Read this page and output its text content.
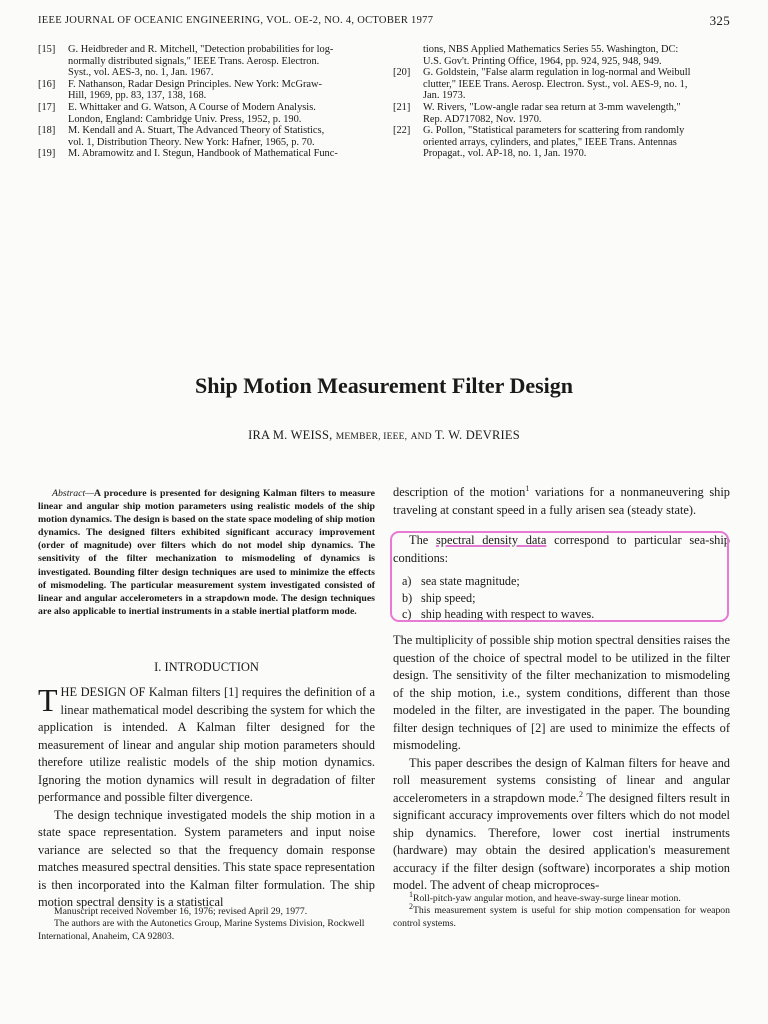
IEEE JOURNAL OF OCEANIC ENGINEERING, VOL. OE-2, NO. 4, OCTOBER 1977	325
[15] G. Heidbreder and R. Mitchell, "Detection probabilities for log-
normally distributed signals," IEEE Trans. Aerosp. Electron.
Syst., vol. AES-3, no. 1, Jan. 1967.
[16] F. Nathanson, Radar Design Principles. New York: McGraw-
Hill, 1969, pp. 83, 137, 138, 168.
[17] E. Whittaker and G. Watson, A Course of Modern Analysis.
London, England: Cambridge Univ. Press, 1952, p. 190.
[18] M. Kendall and A. Stuart, The Advanced Theory of Statistics,
vol. 1, Distribution Theory. New York: Hafner, 1965, p. 70.
[19] M. Abramowitz and I. Stegun, Handbook of Mathematical Func-
tions, NBS Applied Mathematics Series 55. Washington, DC:
U.S. Gov't. Printing Office, 1964, pp. 924, 925, 948, 949.
[20] G. Goldstein, "False alarm regulation in log-normal and Weibull
clutter," IEEE Trans. Aerosp. Electron. Syst., vol. AES-9, no. 1,
Jan. 1973.
[21] W. Rivers, "Low-angle radar sea return at 3-mm wavelength,"
Rep. AD717082, Nov. 1970.
[22] G. Pollon, "Statistical parameters for scattering from randomly
oriented arrays, cylinders, and plates," IEEE Trans. Antennas
Propagat., vol. AP-18, no. 1, Jan. 1970.
Ship Motion Measurement Filter Design
IRA M. WEISS, MEMBER, IEEE, AND T. W. DEVRIES
Abstract—A procedure is presented for designing Kalman filters to measure linear and angular ship motion parameters using realistic models of the ship motion dynamics. The design is based on the state space modeling of ship motion dynamics. The designed filters exhibited significant accuracy improvement (order of magnitude) over filters which do not model ship dynamics. The sensitivity of the filter mechanization to mismodeling of dynamics is investigated. Bounding filter design techniques are used to minimize the effects of mismodeling. The particular measurement system investigated consisted of linear and angular accelerometers in a strapdown mode. The design techniques are also applicable to inertial instruments in a stable inertial platform mode.
I. INTRODUCTION

THE DESIGN OF Kalman filters [1] requires the definition of a linear mathematical model describing the system for which the application is intended. A Kalman filter designed for the measurement of linear and angular ship motion parameters should therefore utilize realistic models of the ship motion dynamics. Ignoring the motion dynamics will result in degradation of filter performance and possible filter divergence.

The design technique investigated models the ship motion in a state space representation. System parameters and input noise variance are selected so that the frequency domain response matches measured spectral densities. This state space representation is then incorporated into the Kalman filter formulation. The ship motion spectral density is a statistical

Manuscript received November 16, 1976; revised April 29, 1977.
The authors are with the Autonetics Group, Marine Systems Division, Rockwell International, Anaheim, CA 92803.

description of the motion$^1$ variations for a nonmaneuvering ship traveling at constant speed in a fully arisen sea (steady state).

The spectral density data correspond to particular sea-ship conditions:

a) sea state magnitude;
b) ship speed;
c) ship heading with respect to waves.

The multiplicity of possible ship motion spectral densities raises the question of the choice of spectral model to be utilized in the filter design. The sensitivity of the filter mechanization to mismodeling of the ship motion, i.e., system conditions, different than those modeled in the filter, are investigated in the paper. The bounding filter design techniques of [2] are used to minimize the effects of mismodeling.

This paper describes the design of Kalman filters for heave and roll measurement systems consisting of linear and angular accelerometers in a strapdown mode.$^2$ The designed filters result in significant accuracy improvements over filters which do not model ship dynamics. Therefore, lower cost inertial instruments (hardware) may obtain the desired application's measurement accuracy if the filter design (software) incorporates a ship motion model. The advent of cheap microproces-

$^1$Roll-pitch-yaw angular motion, and heave-sway-surge linear motion.
$^2$This measurement system is useful for ship motion compensation for weapon control systems.
